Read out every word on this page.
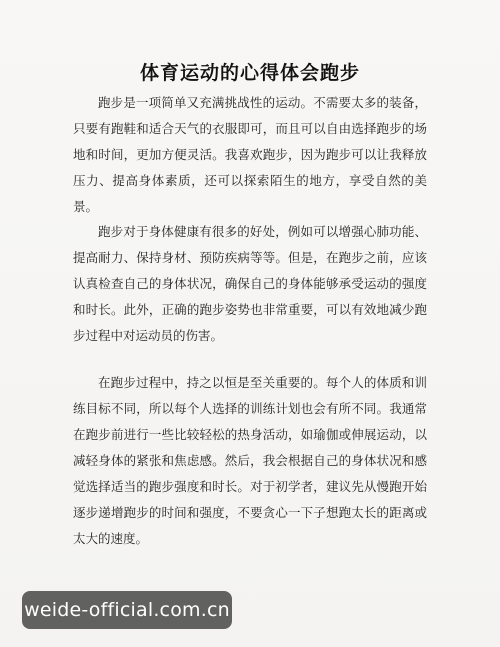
体育运动的心得体会跑步
跑步是一项简单又充满挑战性的运动。不需要太多的装备，只要有跑鞋和适合天气的衣服即可，而且可以自由选择跑步的场地和时间，更加方便灵活。我喜欢跑步，因为跑步可以让我释放压力、提高身体素质，还可以探索陌生的地方，享受自然的美景。
跑步对于身体健康有很多的好处，例如可以增强心肺功能、提高耐力、保持身材、预防疾病等等。但是，在跑步之前，应该认真检查自己的身体状况，确保自己的身体能够承受运动的强度和时长。此外，正确的跑步姿势也非常重要，可以有效地减少跑步过程中对运动员的伤害。
在跑步过程中，持之以恒是至关重要的。每个人的体质和训练目标不同，所以每个人选择的训练计划也会有所不同。我通常在跑步前进行一些比较轻松的热身活动，如瑜伽或伸展运动，以减轻身体的紧张和焦虑感。然后，我会根据自己的身体状况和感觉选择适当的跑步强度和时长。对于初学者，建议先从慢跑开始逐步递增跑步的时间和强度，不要贪心一下子想跑太长的距离或太大的速度。
weide-official.com.cn
